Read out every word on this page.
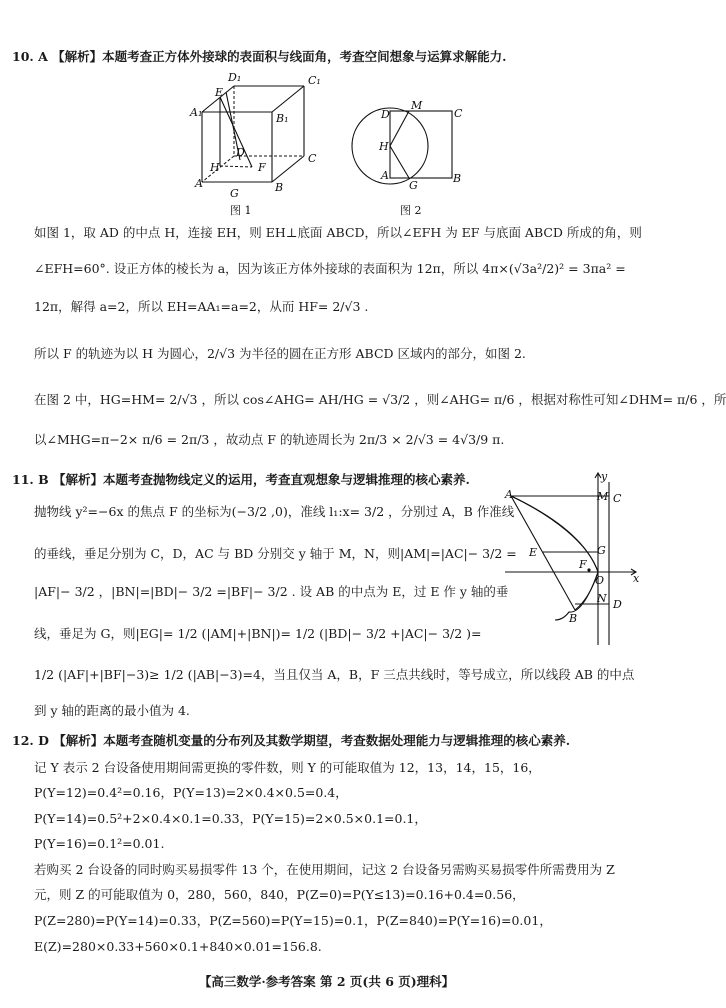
10. A 【解析】本题考查正方体外接球的表面积与线面角，考查空间想象与运算求解能力.
D₁	C₁
E
A₁	B₁
D
H	F
C
A
G	B
图 1
D
M
C
H
A
G
B
图 2
如图 1，取 AD 的中点 H，连接 EH，则 EH⊥底面 ABCD，所以∠EFH 为 EF 与底面 ABCD 所成的角，则
∠EFH=60°. 设正方体的棱长为 a，因为该正方体外接球的表面积为 12π，所以 4π×(√3a²/2)² = 3πa² =
12π，解得 a=2，所以 EH=AA₁=a=2，从而 HF= 2/√3 .
所以 F 的轨迹为以 H 为圆心，2/√3 为半径的圆在正方形 ABCD 区域内的部分，如图 2.
在图 2 中，HG=HM= 2/√3 ，所以 cos∠AHG= AH/HG = √3/2 ，则∠AHG= π/6 ，根据对称性可知∠DHM= π/6 ，所
以∠MHG=π−2× π/6 = 2π/3 ，故动点 F 的轨迹周长为 2π/3 × 2/√3 = 4√3/9 π.
11. B 【解析】本题考查抛物线定义的运用，考查直观想象与逻辑推理的核心素养.
抛物线 y²=−6x 的焦点 F 的坐标为(−3/2 ,0)，准线 l₁:x= 3/2 ，分别过 A，B 作准线
的垂线，垂足分别为 C，D，AC 与 BD 分别交 y 轴于 M，N，则|AM|=|AC|− 3/2 =
|AF|− 3/2 ，|BN|=|BD|− 3/2 =|BF|− 3/2 . 设 AB 的中点为 E，过 E 作 y 轴的垂
线，垂足为 G，则|EG|= 1/2 (|AM|+|BN|)= 1/2 (|BD|− 3/2 +|AC|− 3/2 )=
1/2 (|AF|+|BF|−3)≥ 1/2 (|AB|−3)=4，当且仅当 A，B，F 三点共线时，等号成立，所以线段 AB 的中点
到 y 轴的距离的最小值为 4.
y
x
A	M C
E	G
F
O
N D
B
12. D 【解析】本题考查随机变量的分布列及其数学期望，考查数据处理能力与逻辑推理的核心素养.
记 Y 表示 2 台设备使用期间需更换的零件数，则 Y 的可能取值为 12，13，14，15，16，
P(Y=12)=0.4²=0.16，P(Y=13)=2×0.4×0.5=0.4，
P(Y=14)=0.5²+2×0.4×0.1=0.33，P(Y=15)=2×0.5×0.1=0.1，
P(Y=16)=0.1²=0.01.
若购买 2 台设备的同时购买易损零件 13 个，在使用期间，记这 2 台设备另需购买易损零件所需费用为 Z
元，则 Z 的可能取值为 0，280，560，840，P(Z=0)=P(Y≤13)=0.16+0.4=0.56，
P(Z=280)=P(Y=14)=0.33，P(Z=560)=P(Y=15)=0.1，P(Z=840)=P(Y=16)=0.01，
E(Z)=280×0.33+560×0.1+840×0.01=156.8.
【高三数学·参考答案 第 2 页(共 6 页)理科】
